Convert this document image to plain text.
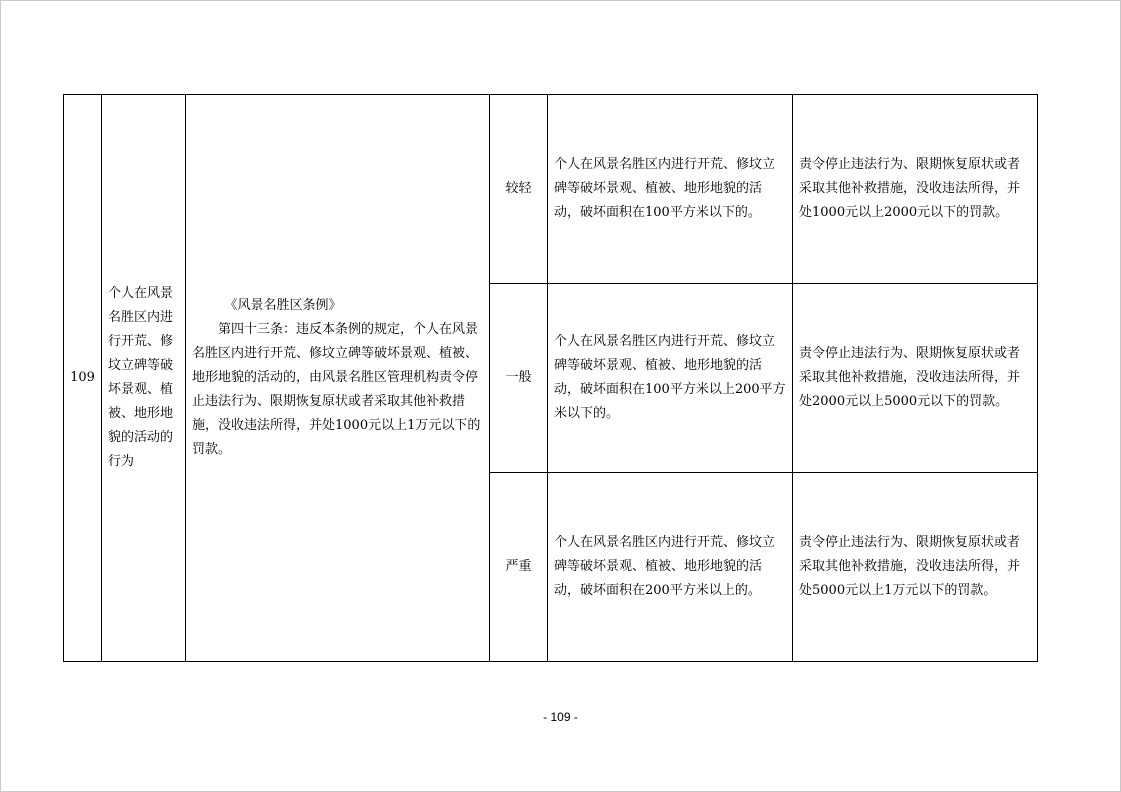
109	个人在风景名胜区内进行开荒、修坟立碑等破坏景观、植被、地形地貌的活动的行为	《风景名胜区条例》
第四十三条：违反本条例的规定，个人在风景名胜区内进行开荒、修坟立碑等破坏景观、植被、地形地貌的活动的，由风景名胜区管理机构责令停止违法行为、限期恢复原状或者采取其他补救措施，没收违法所得，并处1000元以上1万元以下的罚款。	较轻	个人在风景名胜区内进行开荒、修坟立碑等破坏景观、植被、地形地貌的活动，破坏面积在100平方米以下的。	责令停止违法行为、限期恢复原状或者采取其他补救措施，没收违法所得，并处1000元以上2000元以下的罚款。

			一般	个人在风景名胜区内进行开荒、修坟立碑等破坏景观、植被、地形地貌的活动，破坏面积在100平方米以上200平方米以下的。	责令停止违法行为、限期恢复原状或者采取其他补救措施，没收违法所得，并处2000元以上5000元以下的罚款。

			严重	个人在风景名胜区内进行开荒、修坟立碑等破坏景观、植被、地形地貌的活动，破坏面积在200平方米以上的。	责令停止违法行为、限期恢复原状或者采取其他补救措施，没收违法所得，并处5000元以上1万元以下的罚款。
- 109 -
